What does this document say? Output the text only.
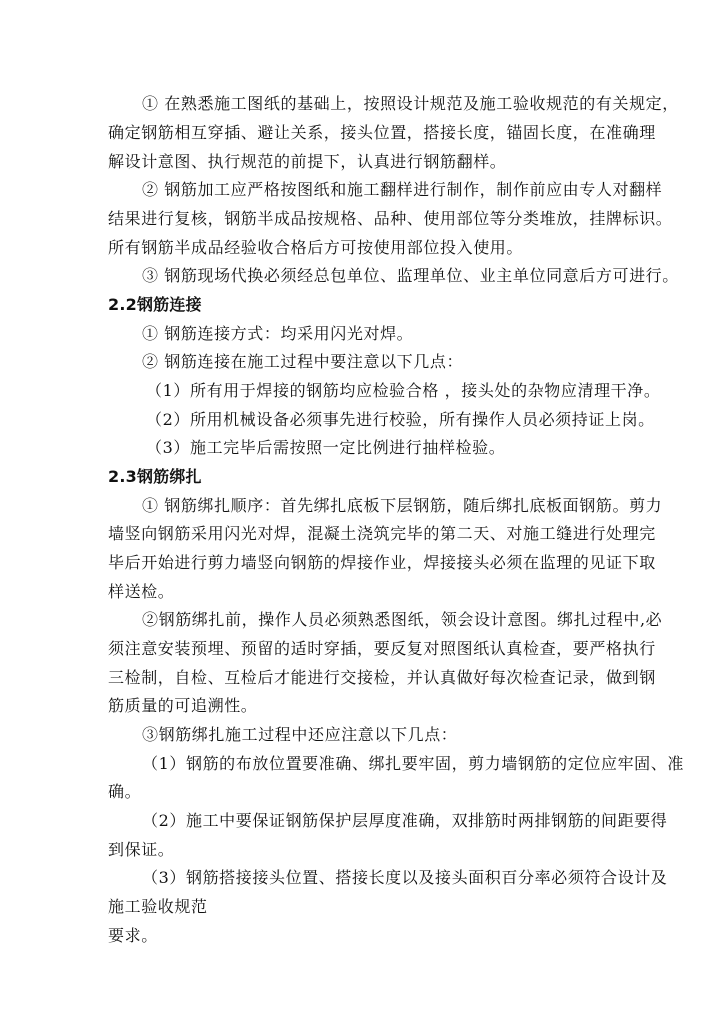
① 在熟悉施工图纸的基础上，按照设计规范及施工验收规范的有关规定，
确定钢筋相互穿插、避让关系，接头位置，搭接长度，锚固长度，在准确理
解设计意图、执行规范的前提下，认真进行钢筋翻样。
② 钢筋加工应严格按图纸和施工翻样进行制作，制作前应由专人对翻样
结果进行复核，钢筋半成品按规格、品种、使用部位等分类堆放，挂牌标识。
所有钢筋半成品经验收合格后方可按使用部位投入使用。
③ 钢筋现场代换必须经总包单位、监理单位、业主单位同意后方可进行。
2.2钢筋连接
① 钢筋连接方式：均采用闪光对焊。
② 钢筋连接在施工过程中要注意以下几点：
（1）所有用于焊接的钢筋均应检验合格 ，接头处的杂物应清理干净。
（2）所用机械设备必须事先进行校验，所有操作人员必须持证上岗。
（3）施工完毕后需按照一定比例进行抽样检验。
2.3钢筋绑扎
① 钢筋绑扎顺序：首先绑扎底板下层钢筋，随后绑扎底板面钢筋。剪力
墙竖向钢筋采用闪光对焊，混凝土浇筑完毕的第二天、对施工缝进行处理完
毕后开始进行剪力墙竖向钢筋的焊接作业，焊接接头必须在监理的见证下取
样送检。
②钢筋绑扎前，操作人员必须熟悉图纸，领会设计意图。绑扎过程中,必
须注意安装预埋、预留的适时穿插，要反复对照图纸认真检查，要严格执行
三检制，自检、互检后才能进行交接检，并认真做好每次检查记录，做到钢
筋质量的可追溯性。
③钢筋绑扎施工过程中还应注意以下几点：
（1）钢筋的布放位置要准确、绑扎要牢固，剪力墙钢筋的定位应牢固、准
确。
（2）施工中要保证钢筋保护层厚度准确，双排筋时两排钢筋的间距要得
到保证。
（3）钢筋搭接接头位置、搭接长度以及接头面积百分率必须符合设计及
施工验收规范
要求。
